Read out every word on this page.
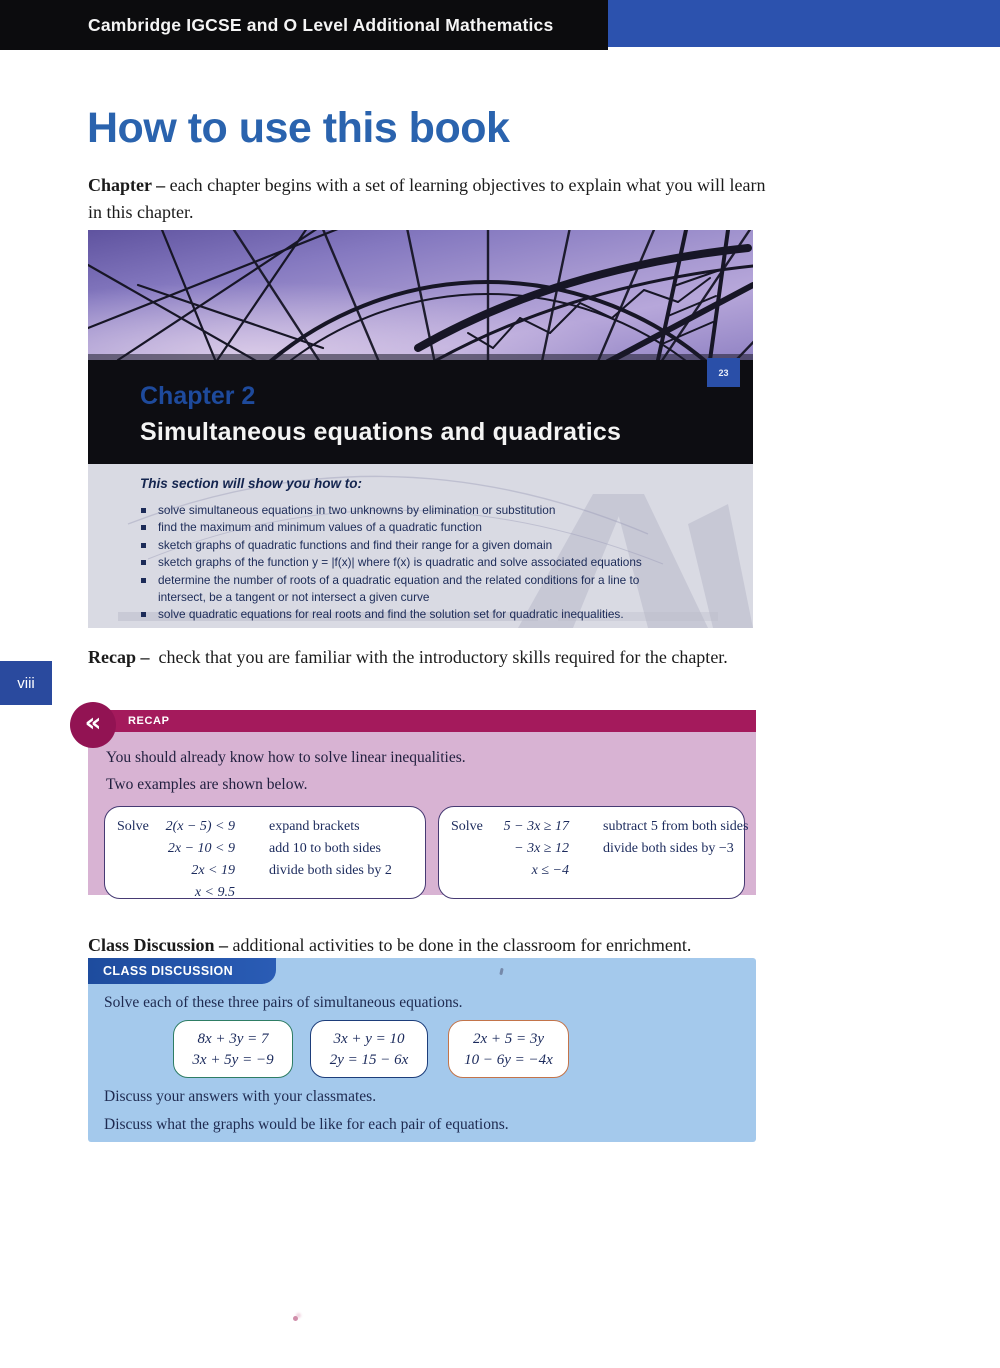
Cambridge IGCSE and O Level Additional Mathematics
How to use this book

Chapter – each chapter begins with a set of learning objectives to explain what you will learn in this chapter.

23
Chapter 2
Simultaneous equations and quadratics

This section will show you how to:

solve simultaneous equations in two unknowns by elimination or substitution
find the maximum and minimum values of a quadratic function
sketch graphs of quadratic functions and find their range for a given domain
sketch graphs of the function y = |f(x)| where f(x) is quadratic and solve associated equations
determine the number of roots of a quadratic equation and the related conditions for a line to intersect, be a tangent or not intersect a given curve
solve quadratic equations for real roots and find the solution set for quadratic inequalities.

Recap – check that you are familiar with the introductory skills required for the chapter.

viii
« RECAP

You should already know how to solve linear inequalities.

Two examples are shown below.

Solve	2(x − 5) < 9	expand brackets
2x − 10 < 9	add 10 to both sides
2x < 19	divide both sides by 2
x < 9.5
Solve	5 − 3x ≥ 17	subtract 5 from both sides
− 3x ≥ 12	divide both sides by −3
x ≤ −4

Class Discussion – additional activities to be done in the classroom for enrichment.

CLASS DISCUSSION

Solve each of these three pairs of simultaneous equations.

8x + 3y = 7
3x + 5y = −9
3x + y = 10
2y = 15 − 6x
2x + 5 = 3y
10 − 6y = −4x

Discuss your answers with your classmates.

Discuss what the graphs would be like for each pair of equations.
